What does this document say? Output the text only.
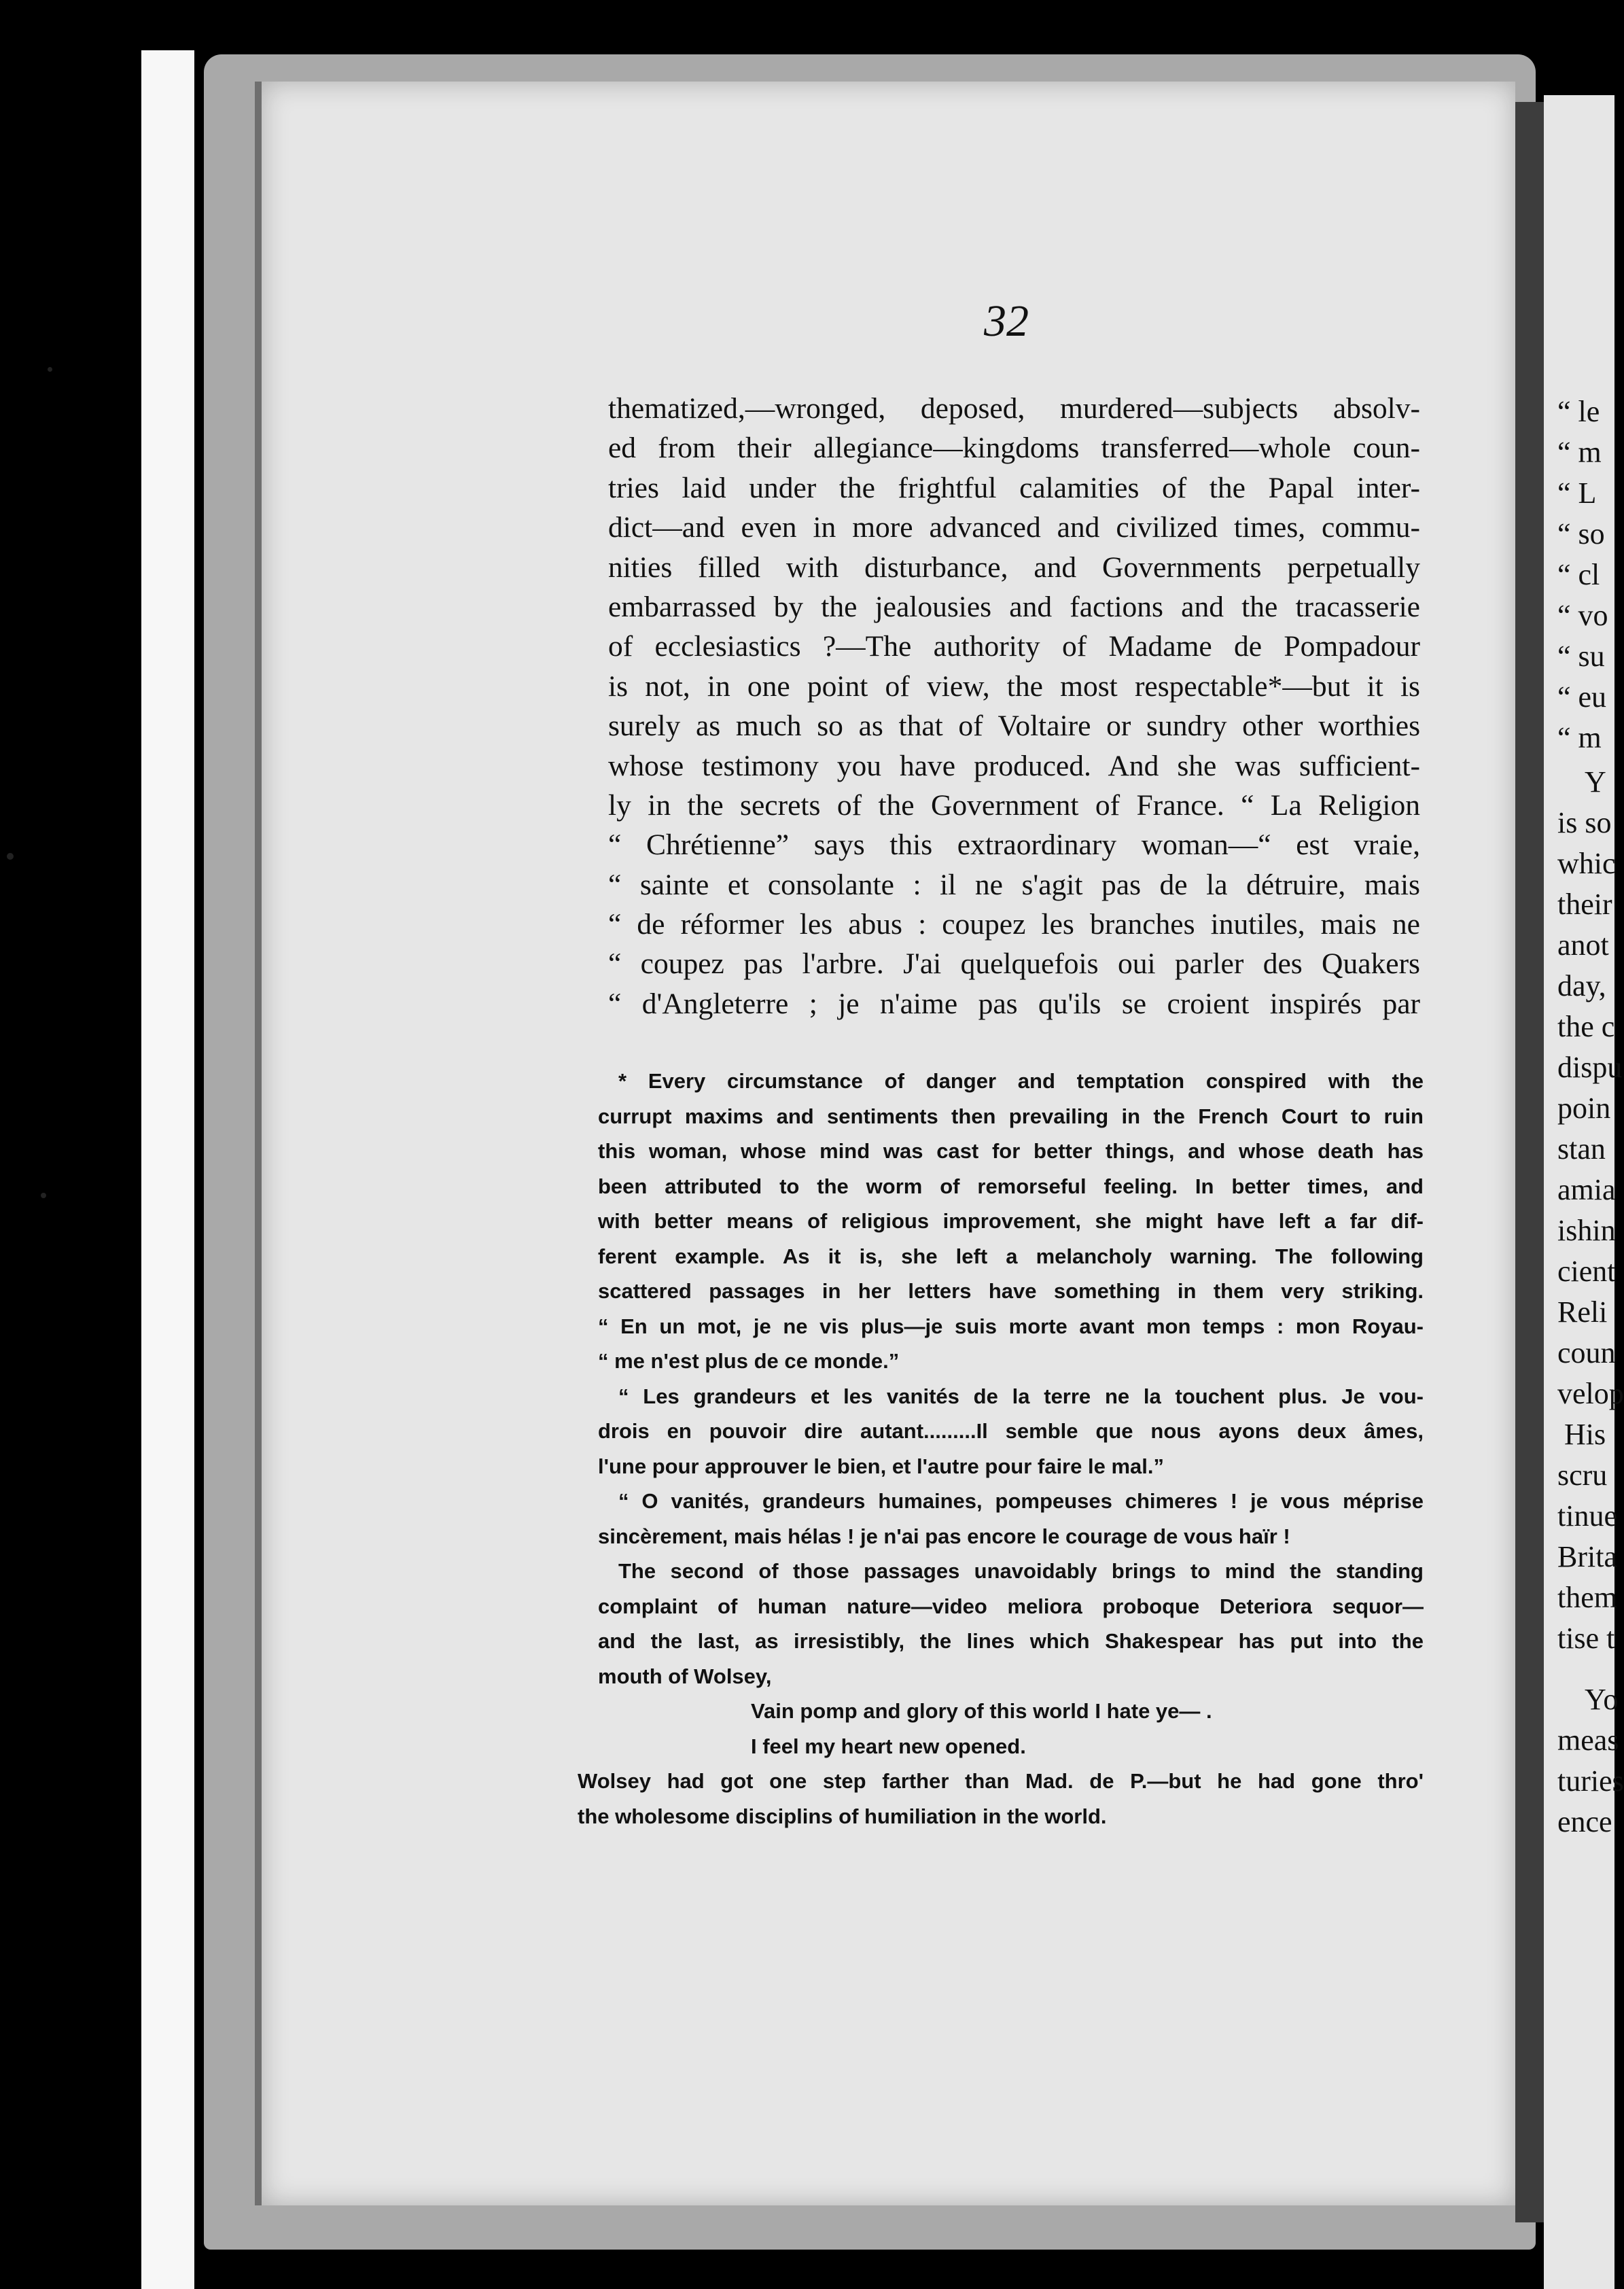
32
thematized,—wronged, deposed, murdered—subjects absolv-
ed from their allegiance—kingdoms transferred—whole coun-
tries laid under the frightful calamities of the Papal inter-
dict—and even in more advanced and civilized times, commu-
nities filled with disturbance, and Governments perpetually
embarrassed by the jealousies and factions and the tracasserie
of ecclesiastics ?—The authority of Madame de Pompadour
is not, in one point of view, the most respectable*—but it is
surely as much so as that of Voltaire or sundry other worthies
whose testimony you have produced. And she was sufficient-
ly in the secrets of the Government of France. “ La Religion
“ Chrétienne” says this extraordinary woman—“ est vraie,
“ sainte et consolante : il ne s'agit pas de la détruire, mais
“ de réformer les abus : coupez les branches inutiles, mais ne
“ coupez pas l'arbre. J'ai quelquefois oui parler des Quakers
“ d'Angleterre ; je n'aime pas qu'ils se croient inspirés par
* Every circumstance of danger and temptation conspired with the
currupt maxims and sentiments then prevailing in the French Court to ruin
this woman, whose mind was cast for better things, and whose death has
been attributed to the worm of remorseful feeling. In better times, and
with better means of religious improvement, she might have left a far dif-
ferent example. As it is, she left a melancholy warning. The following
scattered passages in her letters have something in them very striking.
“ En un mot, je ne vis plus—je suis morte avant mon temps : mon Royau-
“ me n'est plus de ce monde.”
“ Les grandeurs et les vanités de la terre ne la touchent plus. Je vou-
drois en pouvoir dire autant.........Il semble que nous ayons deux âmes,
l'une pour approuver le bien, et l'autre pour faire le mal.”
“ O vanités, grandeurs humaines, pompeuses chimeres ! je vous méprise
sincèrement, mais hélas ! je n'ai pas encore le courage de vous haïr !
The second of those passages unavoidably brings to mind the standing
complaint of human nature—video meliora proboque Deteriora sequor—
and the last, as irresistibly, the lines which Shakespear has put into the
mouth of Wolsey,
Vain pomp and glory of this world I hate ye— .
I feel my heart new opened.
Wolsey had got one step farther than Mad. de P.—but he had gone thro'
the wholesome disciplins of humiliation in the world.
“ le
“ m
“ L
“ so
“ cl
“ vo
“ su
“ eu
“ m
Y
is so
whic
their
anot
day,
the c
dispu
poin
stan
amia
ishin
cient
Reli
coun
velop
His
scru
tinue
Brita
them
tise t
Yo
meas
turies
ence
